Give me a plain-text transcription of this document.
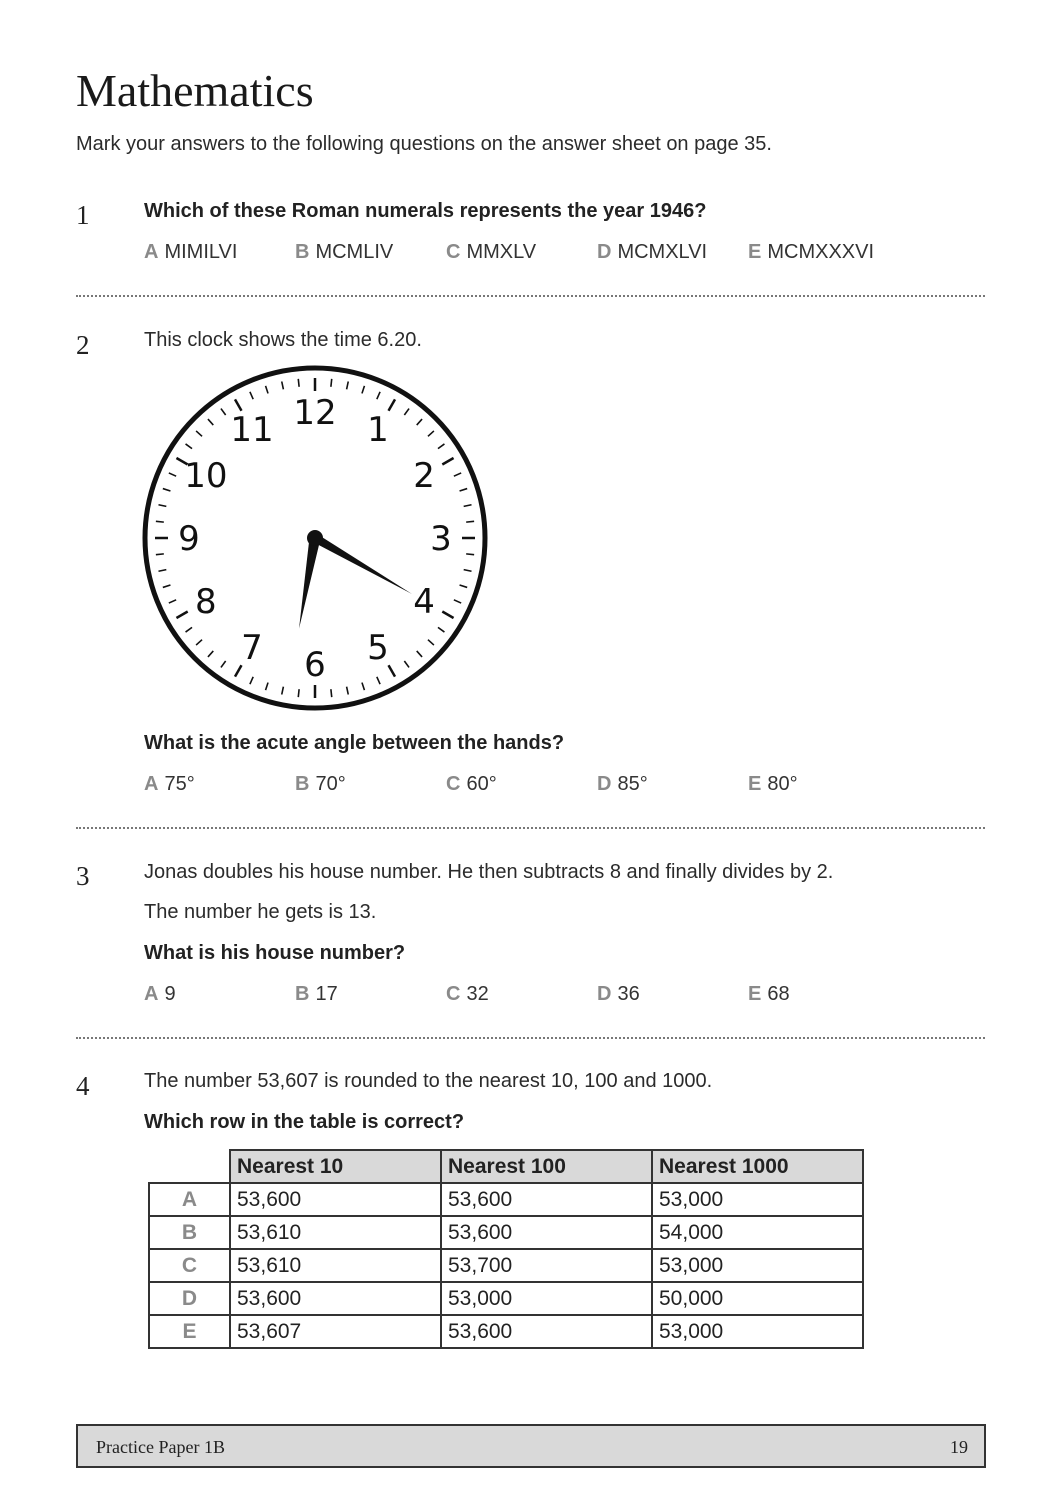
Mathematics
Mark your answers to the following questions on the answer sheet on page 35.
1	Which of these Roman numerals represents the year 1946?
A MIMILVI	B MCMLIV	C MMXLV	D MCMXLVI E MCMXXXVI
2	This clock shows the time 6.20.
12 1
2
3
4
5
6
7
8
9
10
11
What is the acute angle between the hands?
A 75°	B 70°	C 60°	D 85°	E 80°
3	Jonas doubles his house number. He then subtracts 8 and finally divides by 2.
The number he gets is 13.
What is his house number?
A 9	B 17	C 32	D 36	E 68
4	The number 53,607 is rounded to the nearest 10, 100 and 1000.
Which row in the table is correct?
	Nearest 10	Nearest 100	Nearest 1000
A	53,600	53,600	53,000
B	53,610	53,600	54,000
C	53,610	53,700	53,000
D	53,600	53,000	50,000
E	53,607	53,600	53,000
Practice Paper 1B	19
